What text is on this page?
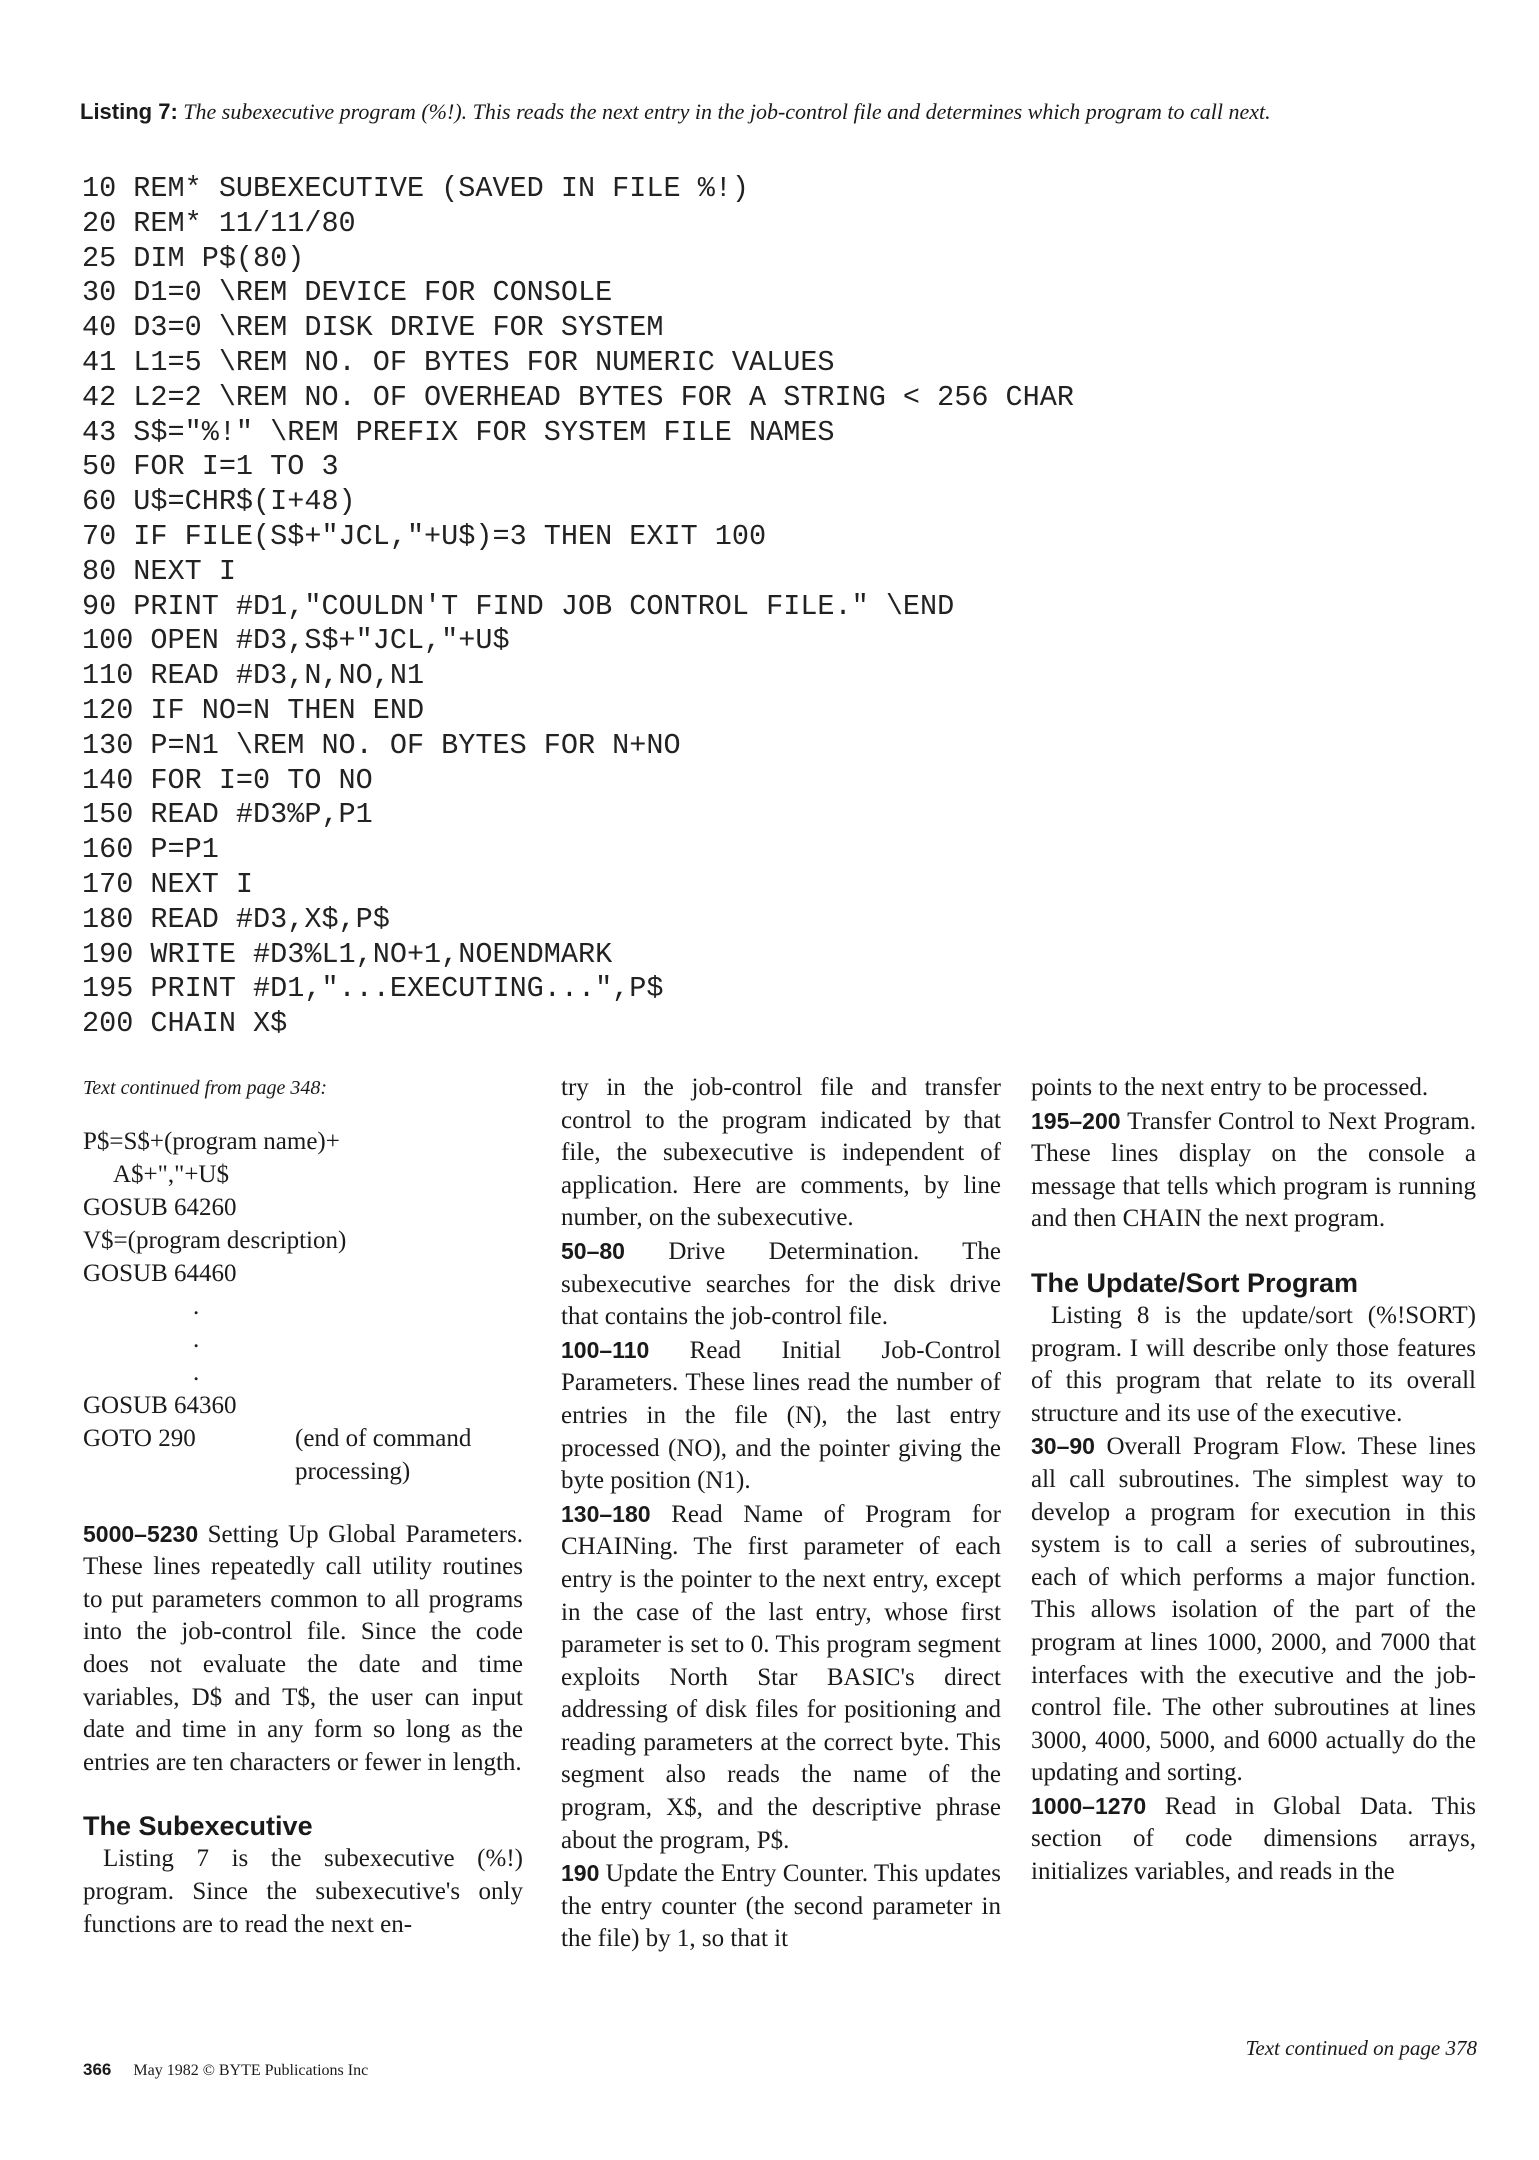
Listing 7: The subexecutive program (%!). This reads the next entry in the job-control file and determines which program to call next.
10 REM* SUBEXECUTIVE (SAVED IN FILE %!)
20 REM* 11/11/80
25 DIM P$(80)
30 D1=0 \REM DEVICE FOR CONSOLE
40 D3=0 \REM DISK DRIVE FOR SYSTEM
41 L1=5 \REM NO. OF BYTES FOR NUMERIC VALUES
42 L2=2 \REM NO. OF OVERHEAD BYTES FOR A STRING < 256 CHAR
43 S$="%!" \REM PREFIX FOR SYSTEM FILE NAMES
50 FOR I=1 TO 3
60 U$=CHR$(I+48)
70 IF FILE(S$+"JCL,"+U$)=3 THEN EXIT 100
80 NEXT I
90 PRINT #D1,"COULDN'T FIND JOB CONTROL FILE." \END
100 OPEN #D3,S$+"JCL,"+U$
110 READ #D3,N,NO,N1
120 IF NO=N THEN END
130 P=N1 \REM NO. OF BYTES FOR N+NO
140 FOR I=0 TO NO
150 READ #D3%P,P1
160 P=P1
170 NEXT I
180 READ #D3,X$,P$
190 WRITE #D3%L1,NO+1,NOENDMARK
195 PRINT #D1,"...EXECUTING...",P$
200 CHAIN X$

Text continued from page 348:

P$=S$+(program name)+
A$+","+U$
GOSUB 64260
V$=(program description)
GOSUB 64460
.
.
.
GOSUB 64360
GOTO 290	(end of command processing)

5000–5230 Setting Up Global Parameters. These lines repeatedly call utility routines to put parameters common to all programs into the job-control file. Since the code does not evaluate the date and time variables, D$ and T$, the user can input date and time in any form so long as the entries are ten characters or fewer in length.

The Subexecutive

Listing 7 is the subexecutive (%!) program. Since the subexecutive's only functions are to read the next en-

try in the job-control file and transfer control to the program indicated by that file, the subexecutive is independent of application. Here are comments, by line number, on the subexecutive.

50–80 Drive Determination. The subexecutive searches for the disk drive that contains the job-control file.

100–110 Read Initial Job-Control Parameters. These lines read the number of entries in the file (N), the last entry processed (NO), and the pointer giving the byte position (N1).

130–180 Read Name of Program for CHAINing. The first parameter of each entry is the pointer to the next entry, except in the case of the last entry, whose first parameter is set to 0. This program segment exploits North Star BASIC's direct addressing of disk files for positioning and reading parameters at the correct byte. This segment also reads the name of the program, X$, and the descriptive phrase about the program, P$.

190 Update the Entry Counter. This updates the entry counter (the second parameter in the file) by 1, so that it

points to the next entry to be processed.

195–200 Transfer Control to Next Program. These lines display on the console a message that tells which program is running and then CHAIN the next program.

The Update/Sort Program

Listing 8 is the update/sort (%!SORT) program. I will describe only those features of this program that relate to its overall structure and its use of the executive.

30–90 Overall Program Flow. These lines all call subroutines. The simplest way to develop a program for execution in this system is to call a series of subroutines, each of which performs a major function. This allows isolation of the part of the program at lines 1000, 2000, and 7000 that interfaces with the executive and the job-control file. The other subroutines at lines 3000, 4000, 5000, and 6000 actually do the updating and sorting.

1000–1270 Read in Global Data. This section of code dimensions arrays, initializes variables, and reads in the

Text continued on page 378
366 May 1982 © BYTE Publications Inc
